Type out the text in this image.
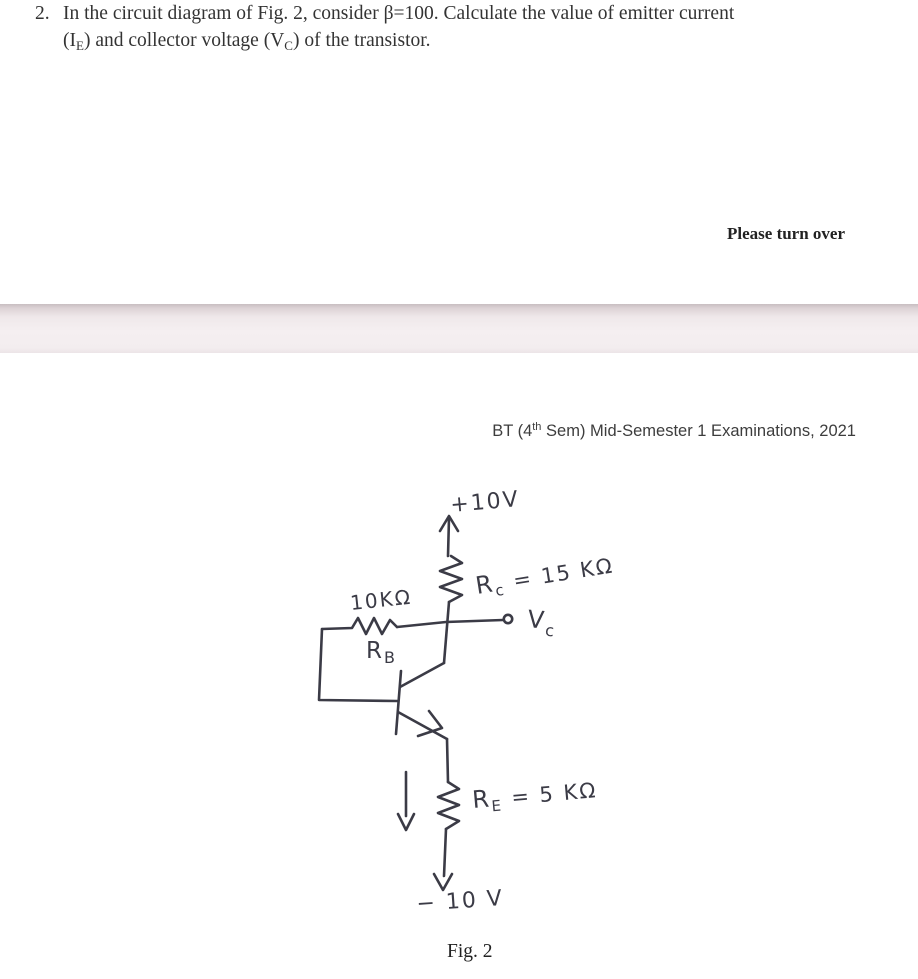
2. In the circuit diagram of Fig. 2, consider β=100. Calculate the value of emitter current
$(I_E)$ and collector voltage $(V_C)$ of the transistor.
Please turn over
BT (4th Sem) Mid-Semester 1 Examinations, 2021
+10V
Rc = 15 KΩ
10KΩ
RB
Vc
RE = 5 KΩ
− 10 V
Fig. 2
